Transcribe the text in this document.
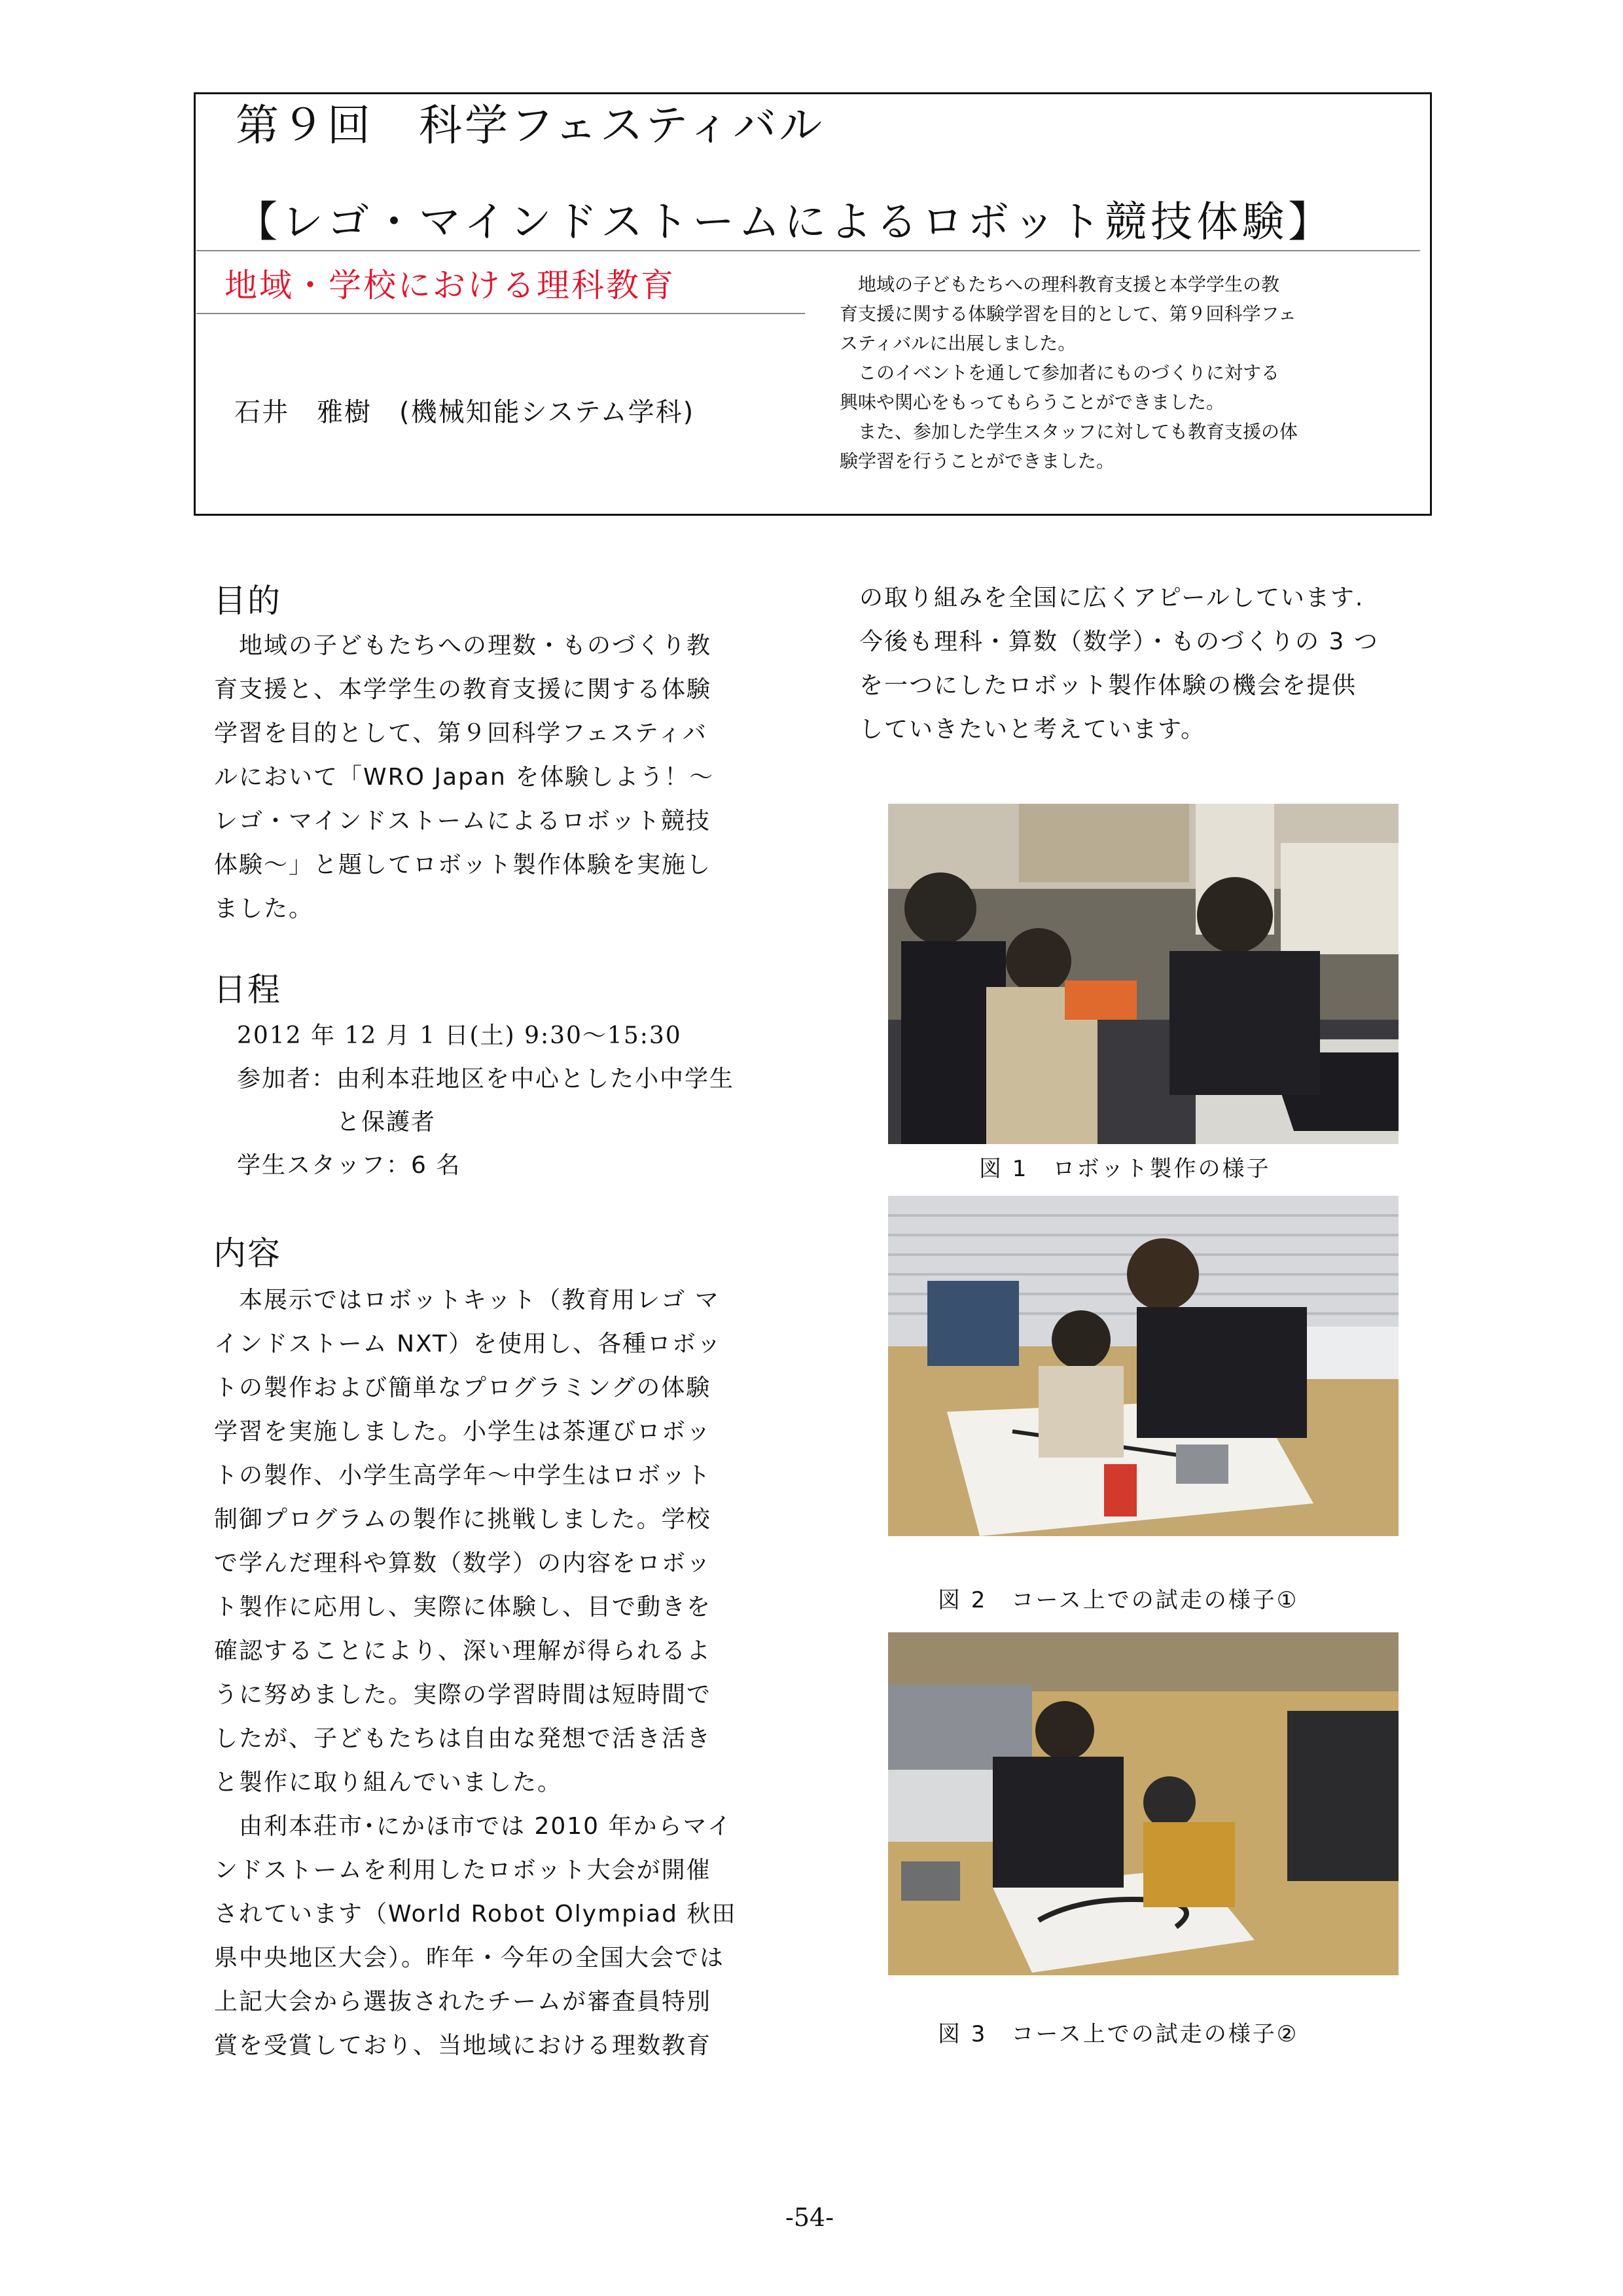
第９回　科学フェスティバル
【レゴ・マインドストームによるロボット競技体験】
地域・学校における理科教育
石井　雅樹　(機械知能システム学科)

　地域の子どもたちへの理科教育支援と本学学生の教

育支援に関する体験学習を目的として、第９回科学フェ

スティバルに出展しました。

　このイベントを通して参加者にものづくりに対する

興味や関心をもってもらうことができました。

　また、参加した学生スタッフに対しても教育支援の体

験学習を行うことができました。

目的

　地域の子どもたちへの理数・ものづくり教

育支援と、本学学生の教育支援に関する体験

学習を目的として、第９回科学フェスティバ

ルにおいて「WRO Japan を体験しよう！～

レゴ・マインドストームによるロボット競技

体験～」と題してロボット製作体験を実施し

ました。

日程

2012 年 12 月 1 日(土) 9:30～15:30

参加者：由利本荘地区を中心とした小中学生

　　　　と保護者

学生スタッフ：6 名

内容

　本展示ではロボットキット（教育用レゴ マ

インドストーム NXT）を使用し、各種ロボッ

トの製作および簡単なプログラミングの体験

学習を実施しました。小学生は茶運びロボッ

トの製作、小学生高学年～中学生はロボット

制御プログラムの製作に挑戦しました。学校

で学んだ理科や算数（数学）の内容をロボッ

ト製作に応用し、実際に体験し、目で動きを

確認することにより、深い理解が得られるよ

うに努めました。実際の学習時間は短時間で

したが、子どもたちは自由な発想で活き活き

と製作に取り組んでいました。

　由利本荘市･にかほ市では 2010 年からマイ

ンドストームを利用したロボット大会が開催

されています（World Robot Olympiad 秋田

県中央地区大会）。昨年・今年の全国大会では

上記大会から選抜されたチームが審査員特別

賞を受賞しており、当地域における理数教育

の取り組みを全国に広くアピールしています.

今後も理科・算数（数学）・ものづくりの 3 つ

を一つにしたロボット製作体験の機会を提供

していきたいと考えています。

図 1　ロボット製作の様子
図 2　コース上での試走の様子①
図 3　コース上での試走の様子②
-54-
